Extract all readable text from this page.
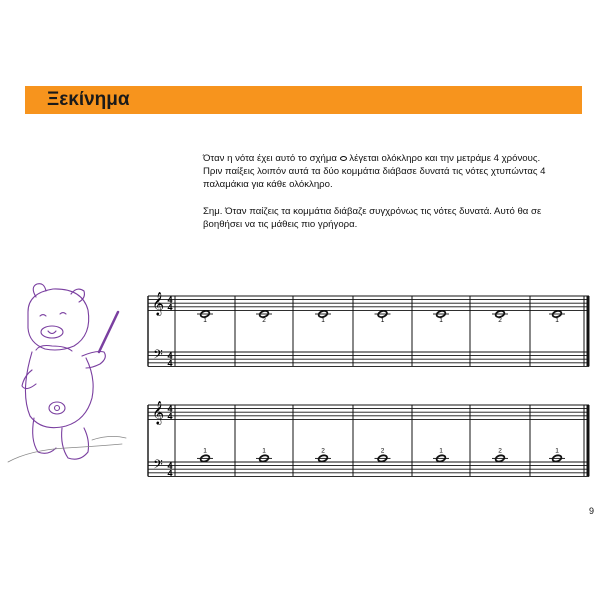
Ξεκίνημα

Όταν η νότα έχει αυτό το σχήμα λέγεται ολόκληρο και την μετράμε 4 χρόνους.

Πριν παίξεις λοιπόν αυτά τα δύο κομμάτια διάβασε δυνατά τις νότες χτυπώντας 4

παλαμάκια για κάθε ολόκληρο.

Σημ. Όταν παίζεις τα κομμάτια διάβαζε συγχρόνως τις νότες δυνατά. Αυτό θα σε

βοηθήσει να τις μάθεις πιο γρήγορα.

𝄞
𝄢
4
4
4
4
1	2	1	1	1	2	1
𝄞
𝄢
4
4
4
4
1	1	2	2	1	2	1
9
